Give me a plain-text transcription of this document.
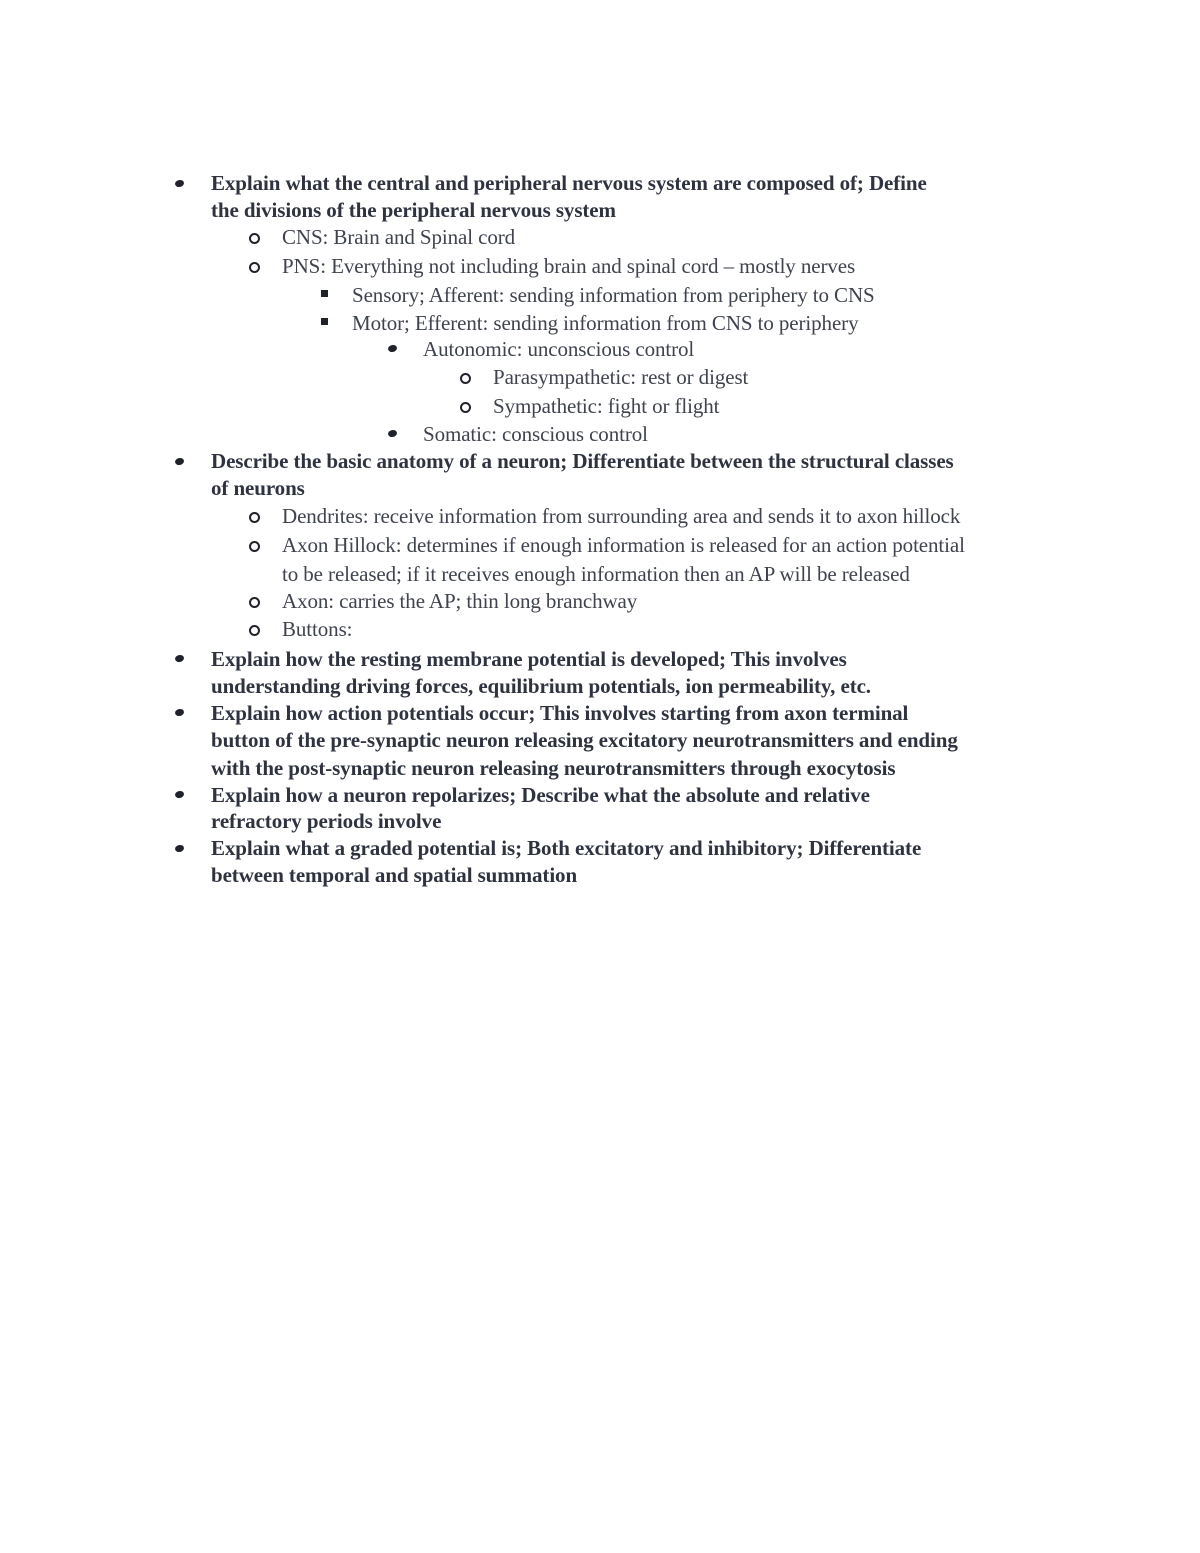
Explain what the central and peripheral nervous system are composed of; Define
the divisions of the peripheral nervous system
CNS: Brain and Spinal cord
PNS: Everything not including brain and spinal cord – mostly nerves
Sensory; Afferent: sending information from periphery to CNS
Motor; Efferent: sending information from CNS to periphery
Autonomic: unconscious control
Parasympathetic: rest or digest
Sympathetic: fight or flight
Somatic: conscious control
Describe the basic anatomy of a neuron; Differentiate between the structural classes
of neurons
Dendrites: receive information from surrounding area and sends it to axon hillock
Axon Hillock: determines if enough information is released for an action potential
to be released; if it receives enough information then an AP will be released
Axon: carries the AP; thin long branchway
Buttons:
Explain how the resting membrane potential is developed; This involves
understanding driving forces, equilibrium potentials, ion permeability, etc.
Explain how action potentials occur; This involves starting from axon terminal
button of the pre-synaptic neuron releasing excitatory neurotransmitters and ending
with the post-synaptic neuron releasing neurotransmitters through exocytosis
Explain how a neuron repolarizes; Describe what the absolute and relative
refractory periods involve
Explain what a graded potential is; Both excitatory and inhibitory; Differentiate
between temporal and spatial summation
